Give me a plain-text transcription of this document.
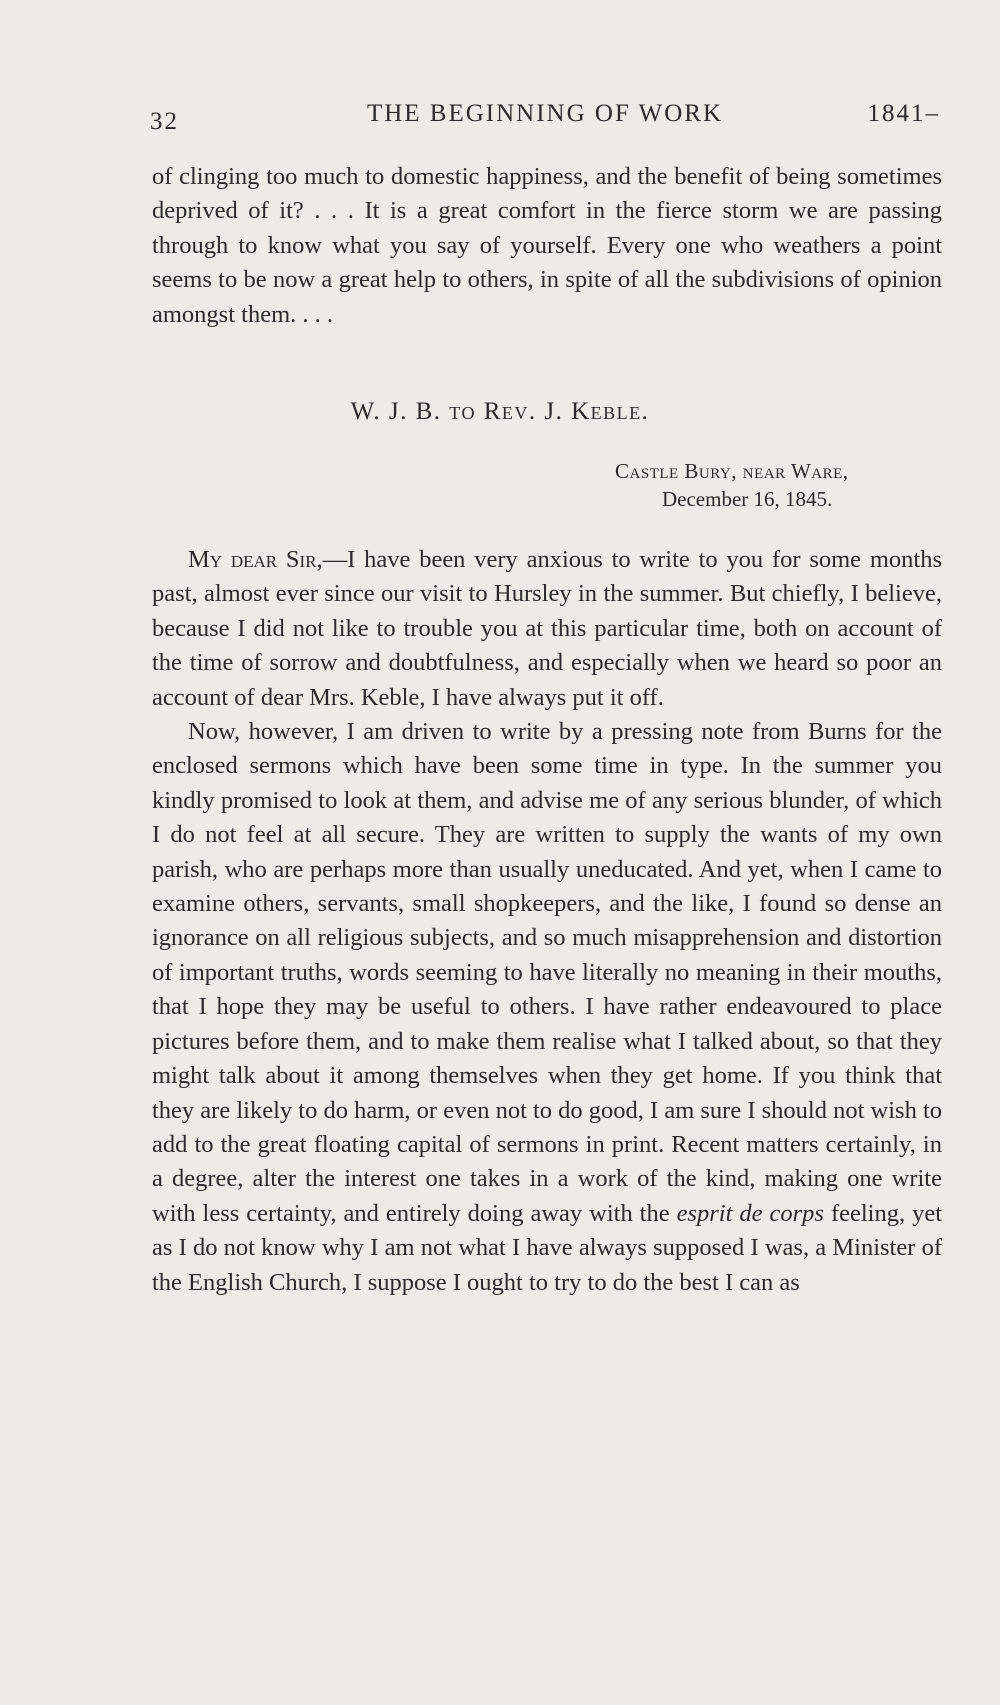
32	THE BEGINNING OF WORK	1841–

of clinging too much to domestic happiness, and the benefit of being sometimes deprived of it? . . . It is a great comfort in the fierce storm we are passing through to know what you say of yourself. Every one who weathers a point seems to be now a great help to others, in spite of all the subdivisions of opinion amongst them. . . .

W. J. B. to Rev. J. Keble.
Castle Bury, near Ware,
December 16, 1845.

My dear Sir,—I have been very anxious to write to you for some months past, almost ever since our visit to Hursley in the summer. But chiefly, I believe, because I did not like to trouble you at this particular time, both on account of the time of sorrow and doubtfulness, and especially when we heard so poor an account of dear Mrs. Keble, I have always put it off.

Now, however, I am driven to write by a pressing note from Burns for the enclosed sermons which have been some time in type. In the summer you kindly promised to look at them, and advise me of any serious blunder, of which I do not feel at all secure. They are written to supply the wants of my own parish, who are perhaps more than usually uneducated. And yet, when I came to examine others, servants, small shopkeepers, and the like, I found so dense an ignorance on all religious subjects, and so much misapprehension and distortion of important truths, words seeming to have literally no meaning in their mouths, that I hope they may be useful to others. I have rather endeavoured to place pictures before them, and to make them realise what I talked about, so that they might talk about it among themselves when they get home. If you think that they are likely to do harm, or even not to do good, I am sure I should not wish to add to the great floating capital of sermons in print. Recent matters certainly, in a degree, alter the interest one takes in a work of the kind, making one write with less certainty, and entirely doing away with the esprit de corps feeling, yet as I do not know why I am not what I have always supposed I was, a Minister of the English Church, I suppose I ought to try to do the best I can as
